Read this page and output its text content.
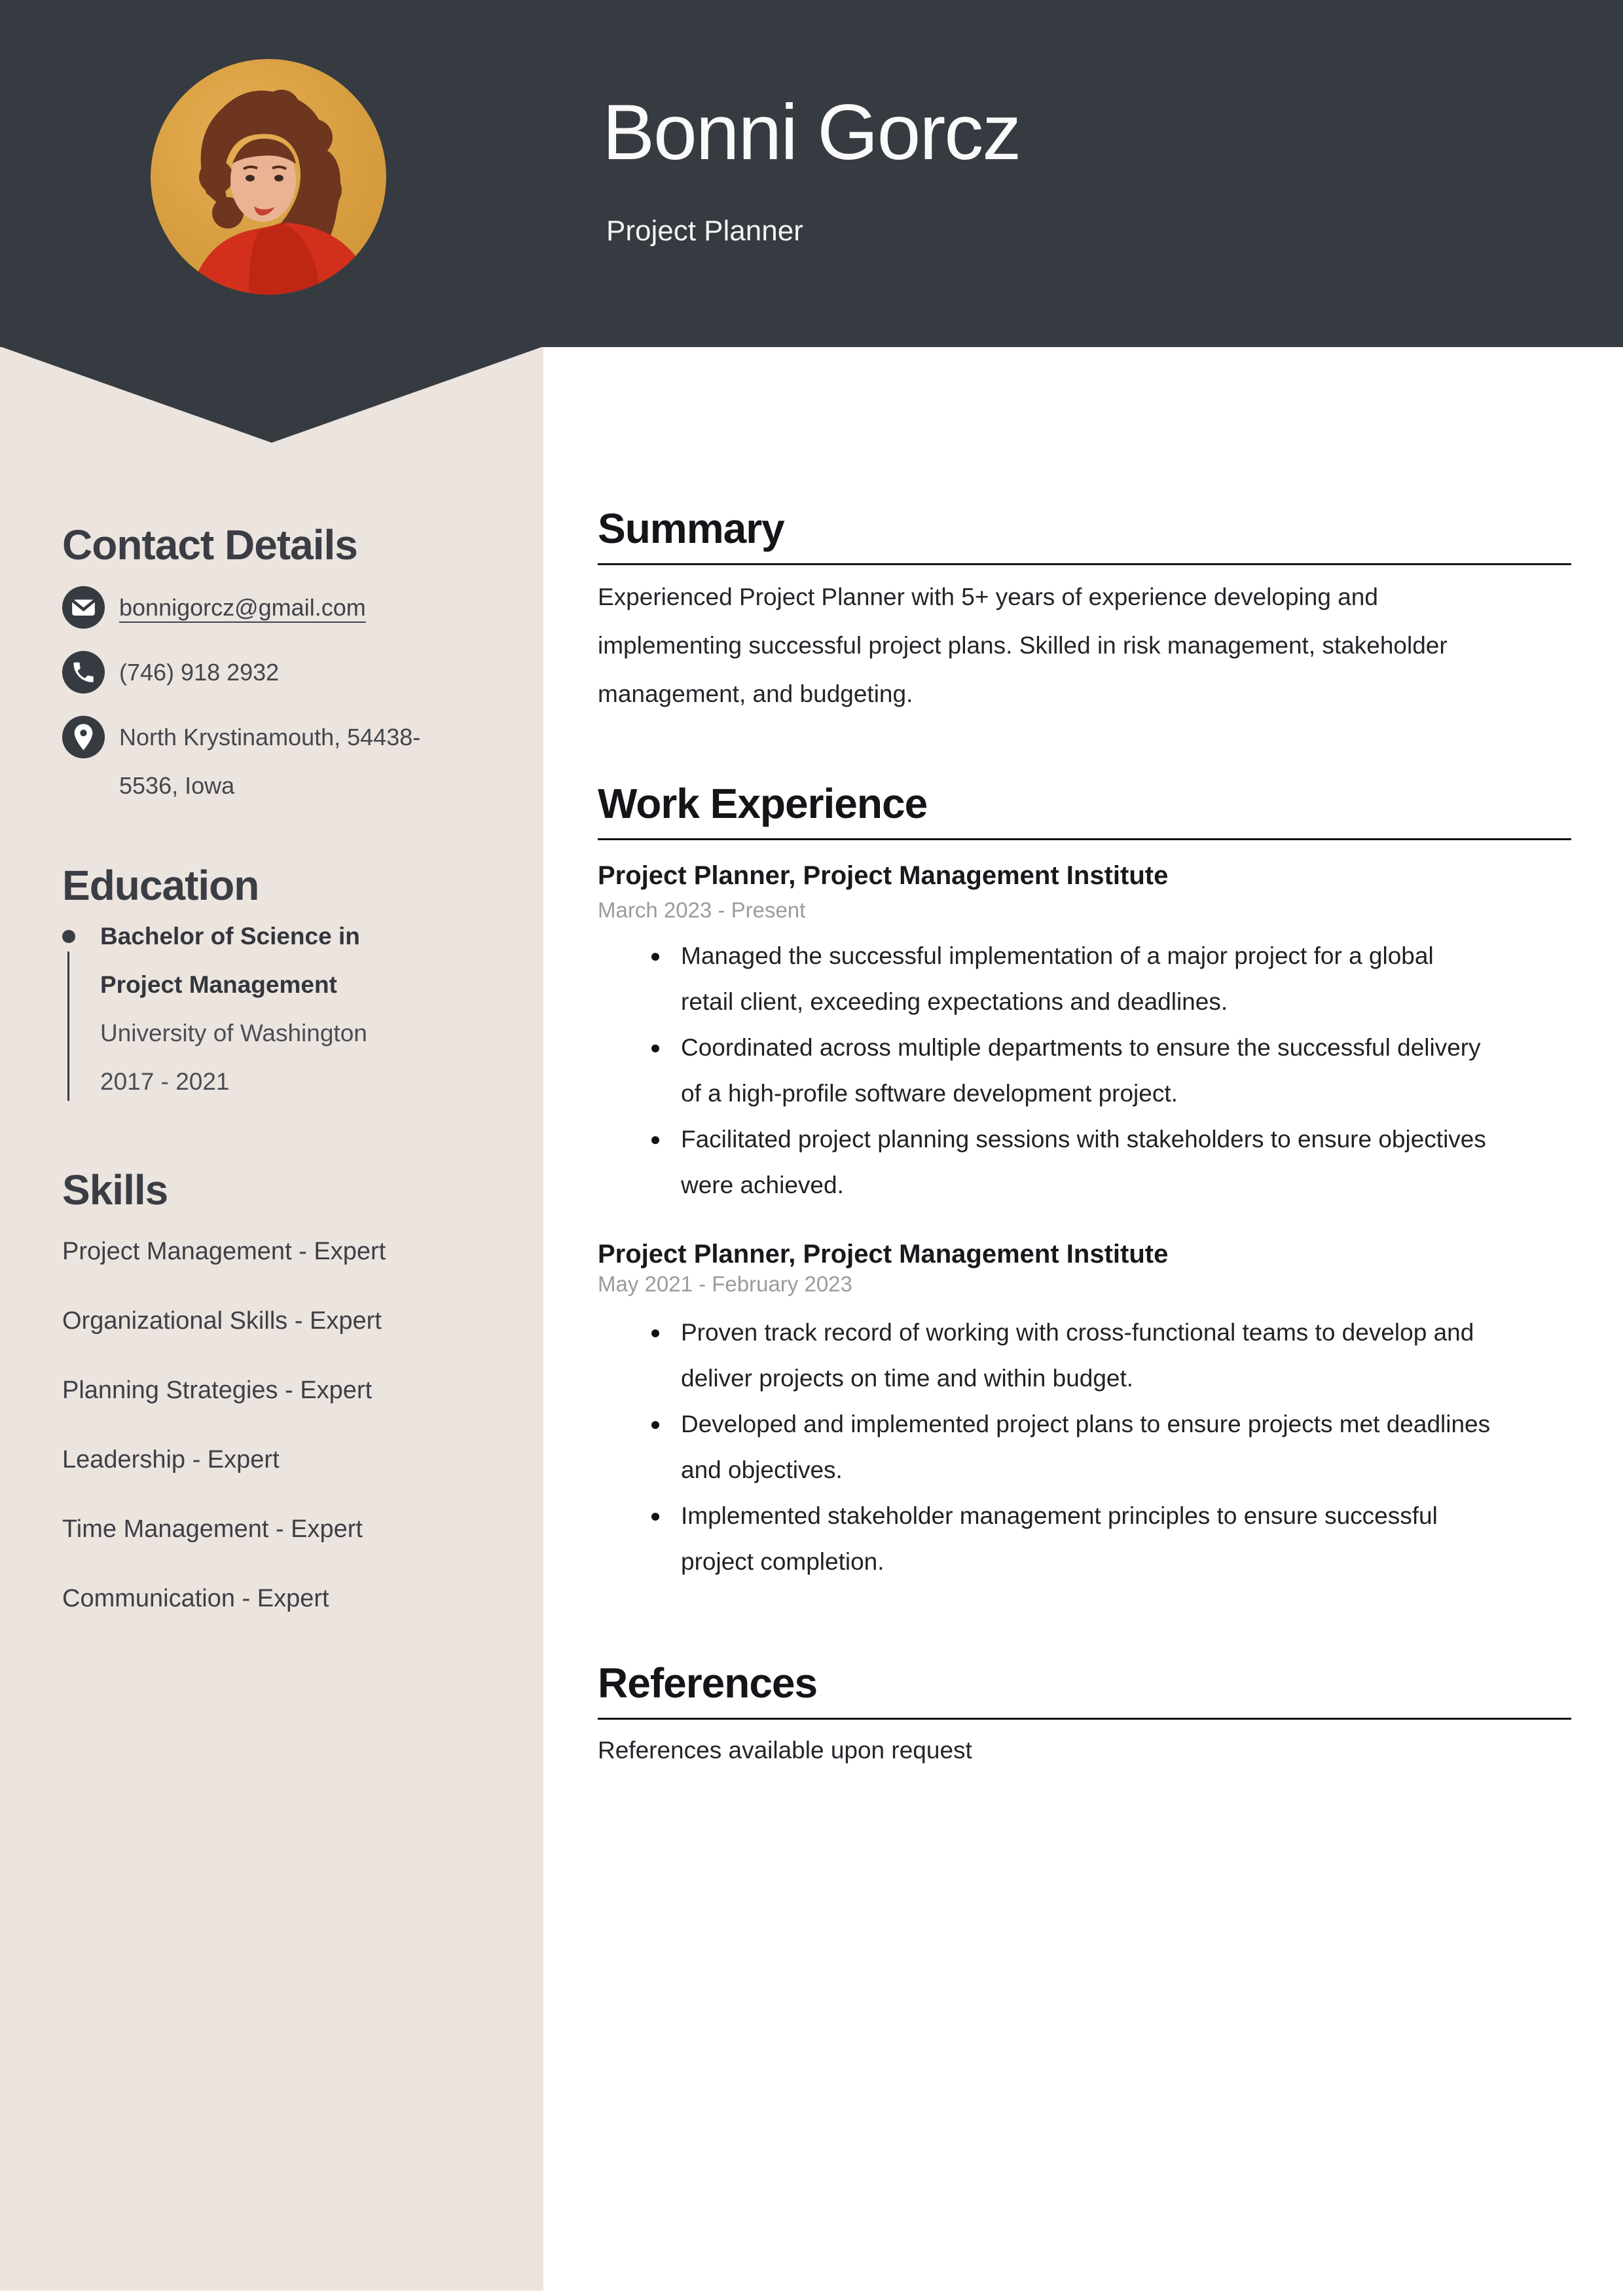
Bonni Gorcz
Project Planner
Contact Details
bonnigorcz@gmail.com
(746) 918 2932
North Krystinamouth, 54438-5536, Iowa
Education
Bachelor of Science in Project Management
University of Washington
2017 - 2021
Skills
Project Management - Expert
Organizational Skills - Expert
Planning Strategies - Expert
Leadership - Expert
Time Management - Expert
Communication - Expert
Summary

Experienced Project Planner with 5+ years of experience developing and implementing successful project plans. Skilled in risk management, stakeholder management, and budgeting.

Work Experience
Project Planner, Project Management Institute
March 2023 - Present
Managed the successful implementation of a major project for a global retail client, exceeding expectations and deadlines.
Coordinated across multiple departments to ensure the successful delivery of a high-profile software development project.
Facilitated project planning sessions with stakeholders to ensure objectives were achieved.
Project Planner, Project Management Institute
May 2021 - February 2023
Proven track record of working with cross-functional teams to develop and deliver projects on time and within budget.
Developed and implemented project plans to ensure projects met deadlines and objectives.
Implemented stakeholder management principles to ensure successful project completion.
References

References available upon request
